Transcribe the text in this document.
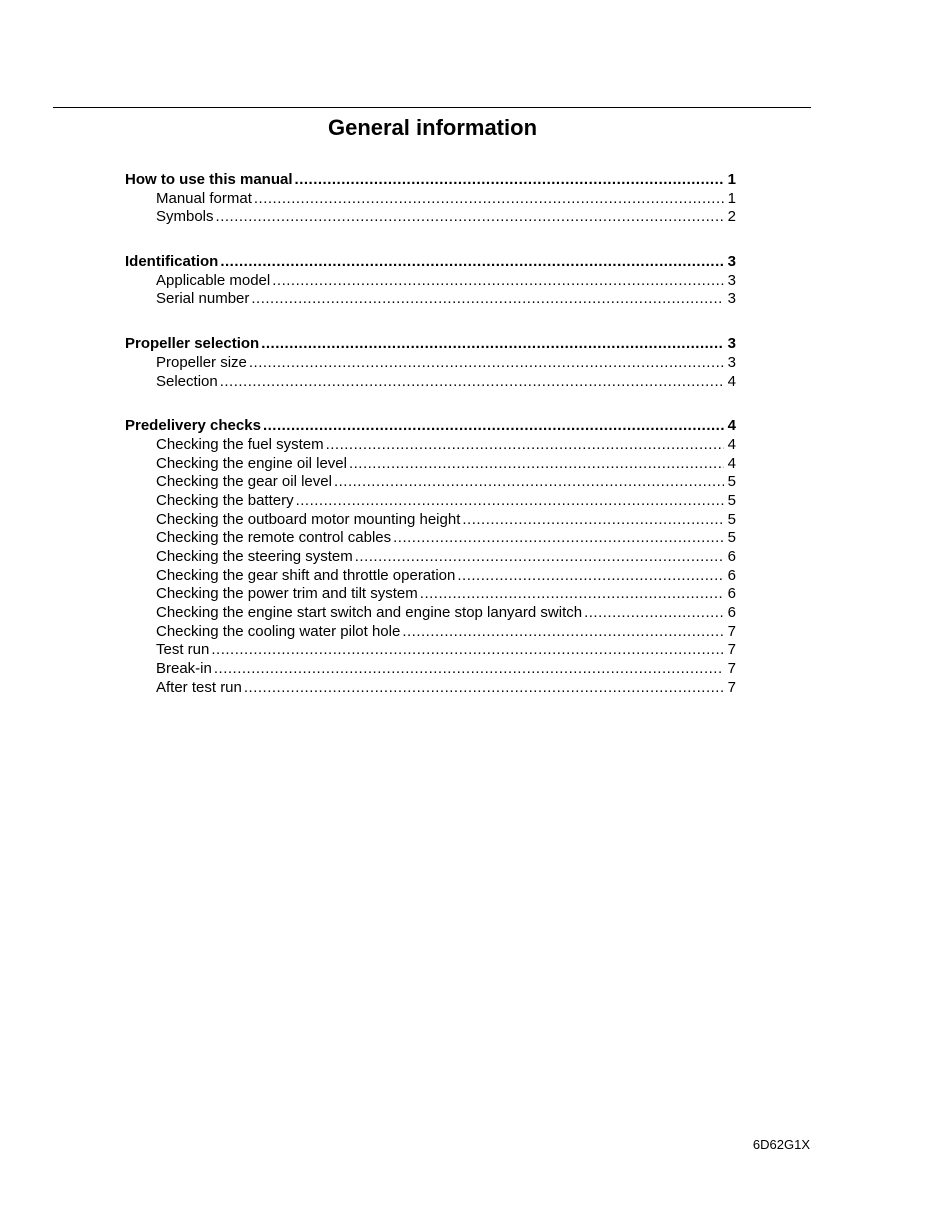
General information
How to use this manual .....	1
Manual format .....	1
Symbols .....	2
Identification .....	3
Applicable model .....	3
Serial number .....	3
Propeller selection .....	3
Propeller size .....	3
Selection .....	4
Predelivery checks .....	4
Checking the fuel system .....	4
Checking the engine oil level .....	4
Checking the gear oil level .....	5
Checking the battery .....	5
Checking the outboard motor mounting height .....	5
Checking the remote control cables .....	5
Checking the steering system .....	6
Checking the gear shift and throttle operation .....	6
Checking the power trim and tilt system .....	6
Checking the engine start switch and engine stop lanyard switch .....	6
Checking the cooling water pilot hole .....	7
Test run .....	7
Break-in .....	7
After test run .....	7
6D62G1X
